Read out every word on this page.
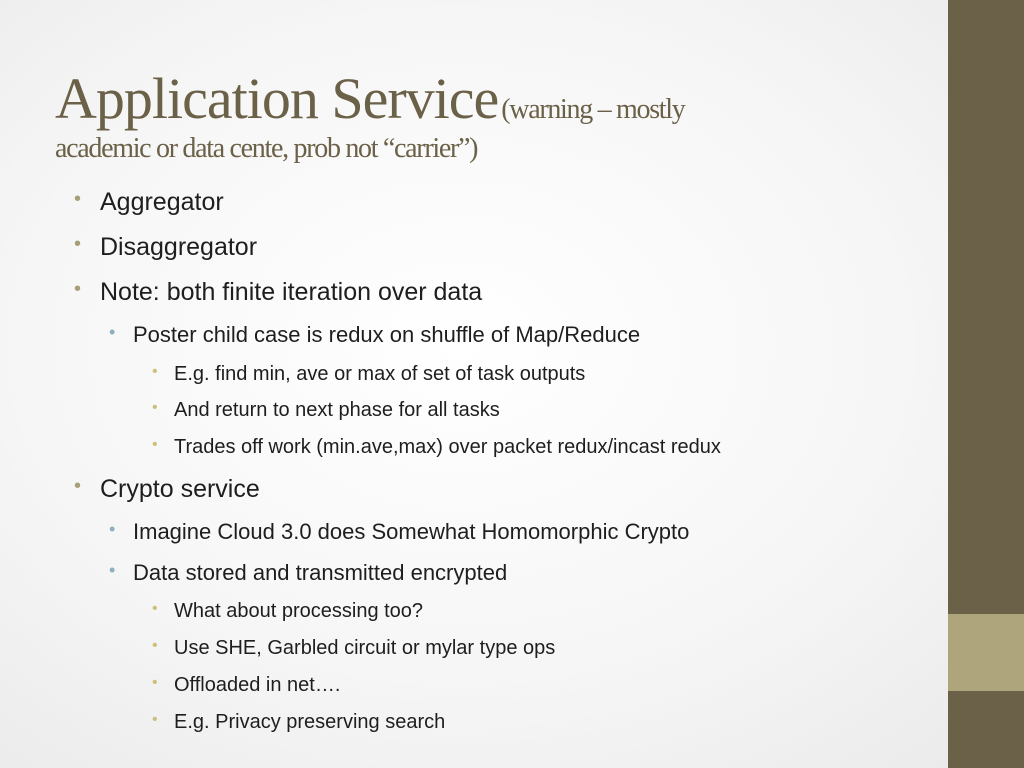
Application Service (warning – mostly
academic or data cente, prob not “carrier”)
• Aggregator
• Disaggregator
• Note: both finite iteration over data
• Poster child case is redux on shuffle of Map/Reduce
• E.g. find min, ave or max of set of task outputs
• And return to next phase for all tasks
• Trades off work (min.ave,max) over packet redux/incast redux
• Crypto service
• Imagine Cloud 3.0 does Somewhat Homomorphic Crypto
• Data stored and transmitted encrypted
• What about processing too?
• Use SHE, Garbled circuit or mylar type ops
• Offloaded in net….
• E.g. Privacy preserving search
